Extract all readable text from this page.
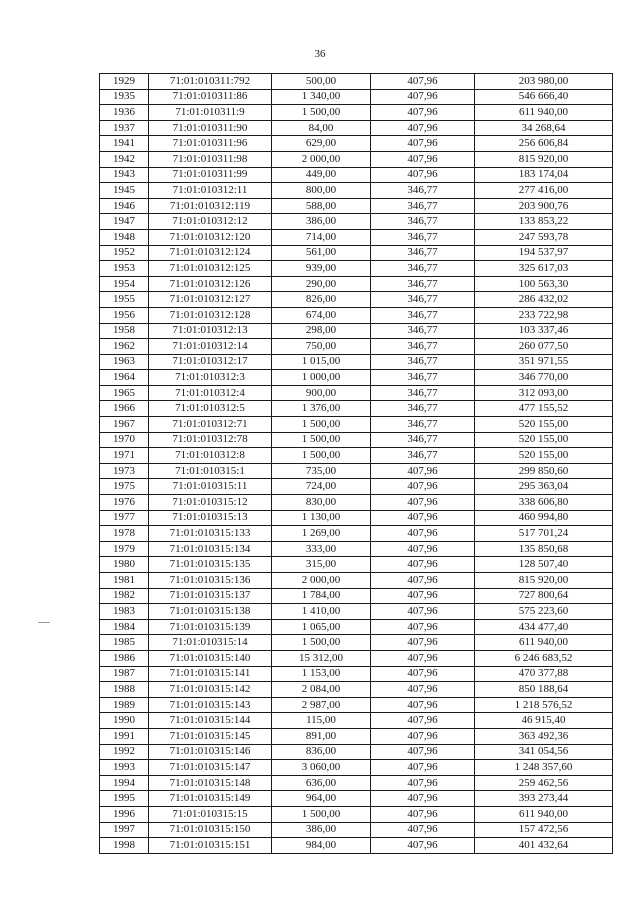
36
1929	71:01:010311:792	500,00	407,96	203 980,00
1935	71:01:010311:86	1 340,00	407,96	546 666,40
1936	71:01:010311:9	1 500,00	407,96	611 940,00
1937	71:01:010311:90	84,00	407,96	34 268,64
1941	71:01:010311:96	629,00	407,96	256 606,84
1942	71:01:010311:98	2 000,00	407,96	815 920,00
1943	71:01:010311:99	449,00	407,96	183 174,04
1945	71:01:010312:11	800,00	346,77	277 416,00
1946	71:01:010312:119	588,00	346,77	203 900,76
1947	71:01:010312:12	386,00	346,77	133 853,22
1948	71:01:010312:120	714,00	346,77	247 593,78
1952	71:01:010312:124	561,00	346,77	194 537,97
1953	71:01:010312:125	939,00	346,77	325 617,03
1954	71:01:010312:126	290,00	346,77	100 563,30
1955	71:01:010312:127	826,00	346,77	286 432,02
1956	71:01:010312:128	674,00	346,77	233 722,98
1958	71:01:010312:13	298,00	346,77	103 337,46
1962	71:01:010312:14	750,00	346,77	260 077,50
1963	71:01:010312:17	1 015,00	346,77	351 971,55
1964	71:01:010312:3	1 000,00	346,77	346 770,00
1965	71:01:010312:4	900,00	346,77	312 093,00
1966	71:01:010312:5	1 376,00	346,77	477 155,52
1967	71:01:010312:71	1 500,00	346,77	520 155,00
1970	71:01:010312:78	1 500,00	346,77	520 155,00
1971	71:01:010312:8	1 500,00	346,77	520 155,00
1973	71:01:010315:1	735,00	407,96	299 850,60
1975	71:01:010315:11	724,00	407,96	295 363,04
1976	71:01:010315:12	830,00	407,96	338 606,80
1977	71:01:010315:13	1 130,00	407,96	460 994,80
1978	71:01:010315:133	1 269,00	407,96	517 701,24
1979	71:01:010315:134	333,00	407,96	135 850,68
1980	71:01:010315:135	315,00	407,96	128 507,40
1981	71:01:010315:136	2 000,00	407,96	815 920,00
1982	71:01:010315:137	1 784,00	407,96	727 800,64
1983	71:01:010315:138	1 410,00	407,96	575 223,60
1984	71:01:010315:139	1 065,00	407,96	434 477,40
1985	71:01:010315:14	1 500,00	407,96	611 940,00
1986	71:01:010315:140	15 312,00	407,96	6 246 683,52
1987	71:01:010315:141	1 153,00	407,96	470 377,88
1988	71:01:010315:142	2 084,00	407,96	850 188,64
1989	71:01:010315:143	2 987,00	407,96	1 218 576,52
1990	71:01:010315:144	115,00	407,96	46 915,40
1991	71:01:010315:145	891,00	407,96	363 492,36
1992	71:01:010315:146	836,00	407,96	341 054,56
1993	71:01:010315:147	3 060,00	407,96	1 248 357,60
1994	71:01:010315:148	636,00	407,96	259 462,56
1995	71:01:010315:149	964,00	407,96	393 273,44
1996	71:01:010315:15	1 500,00	407,96	611 940,00
1997	71:01:010315:150	386,00	407,96	157 472,56
1998	71:01:010315:151	984,00	407,96	401 432,64
